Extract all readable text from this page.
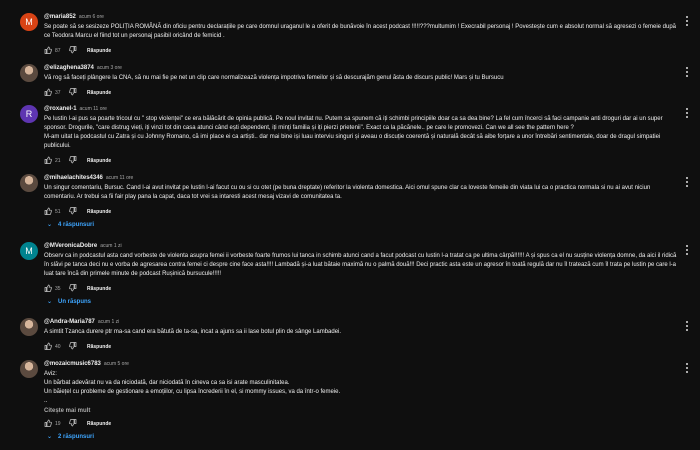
M @maria852 acum 6 ore
Se poate să se sesizeze POLIȚIA ROMÂNĂ din oficiu pentru declarațiile pe care domnul uraganul le a oferit de bunăvoie în acest podcast !!!!!???multumim ! Execrabil personaj ! Povestește cum e absolut normal să agresezi o femeie după ce Teodora Marcu el fiind tot un personaj pasibil oricând de femicid .
87	Răspunde
@elizaghena3874 acum 3 ore
Vă rog să faceți plângere la CNA, să nu mai fie pe net un clip care normalizează violența impotriva femeilor și să descurajăm genul ăsta de discurs public! Mars și tu Bursucu
37	Răspunde
R @roxanel-1 acum 11 ore
Pe lustin l-ai pus sa poarte tricoul cu " stop violenței" ce era bălăcărit de opinia publică. Pe noul invitat nu. Putem sa spunem că iți schimbi principiile doar ca sa dea bine? La fel cum încerci să faci campanie anti droguri dar ai un super sponsor. Drogurile, "care distrug vieți, iți vinzi tot din casa atunci când ești dependent, iți minți familia și iți pierzi prietenii". Exact ca la păcănele.. pe care le promovezi. Can we all see the pattern here ?
M-am uitat la podcastul cu Zatra și cu Johnny Romano, că imi place ei ca artiști.. dar mai bine iși luau interviu singuri și aveau o discuție coerentă și naturală decât să aibe forțare a unor întrebări sentimentale, doar de dragul simpatiei publicului.
21	Răspunde
@mihaelachites4346 acum 11 ore
Un singur comentariu, Bursuc. Cand l-ai avut invitat pe lustin l-ai facut cu ou si cu otet (pe buna dreptate) referitor la violenta domestica. Aici omul spune clar ca loveste femeile din viata lui ca o practica normala si nu ai avut niciun comentariu. Ar trebui sa fii fair play pana la capat, daca tot vrei sa intaresti acest mesaj vizavi de comunitatea ta.
51	Răspunde
⌄ 4 răspunsuri
M @MVeronicaDobre acum 1 zi
Observ ca in podcastul asta cand vorbeste de violenta asupra femei ii vorbeste foarte frumos lui tanca in schimb atunci cand a facut podcast cu lustin l-a tratat ca pe ultima cârpă!!!!!! A și spus ca el nu susține violența domne, da aici il ridică în slăvi pe tanca deci nu e vorba de agresarea contra femei ci despre cine face asta!!!! Lambadă și-a luat bătaie maximă nu o palmă două!!! Deci practic asta este un agresor în toată regulă dar nu îl tratează cum îl trata pe lustin pe care l-a luat tare încă din primele minute de podcast Rușinică bursucule!!!!!
35	Răspunde
⌄ Un răspuns
@Andra-Maria787 acum 1 zi
A simtit Tzanca durere ptr ma-sa cand era bătută de ta-sa, incat a ajuns sa ii lase botul plin de sânge Lambadei.
40	Răspunde
@mozaicmusic6783 acum 5 ore
Aviz:
Un bărbat adevărat nu va da niciodată, dar niciodată în cineva ca sa isi arate masculinitatea.
Un băiețel cu probleme de gestionare a emoțiilor, cu lipsa încrederii în el, si mommy issues, va da într-o femeie.
..
Citește mai mult
19	Răspunde
⌄ 2 răspunsuri
